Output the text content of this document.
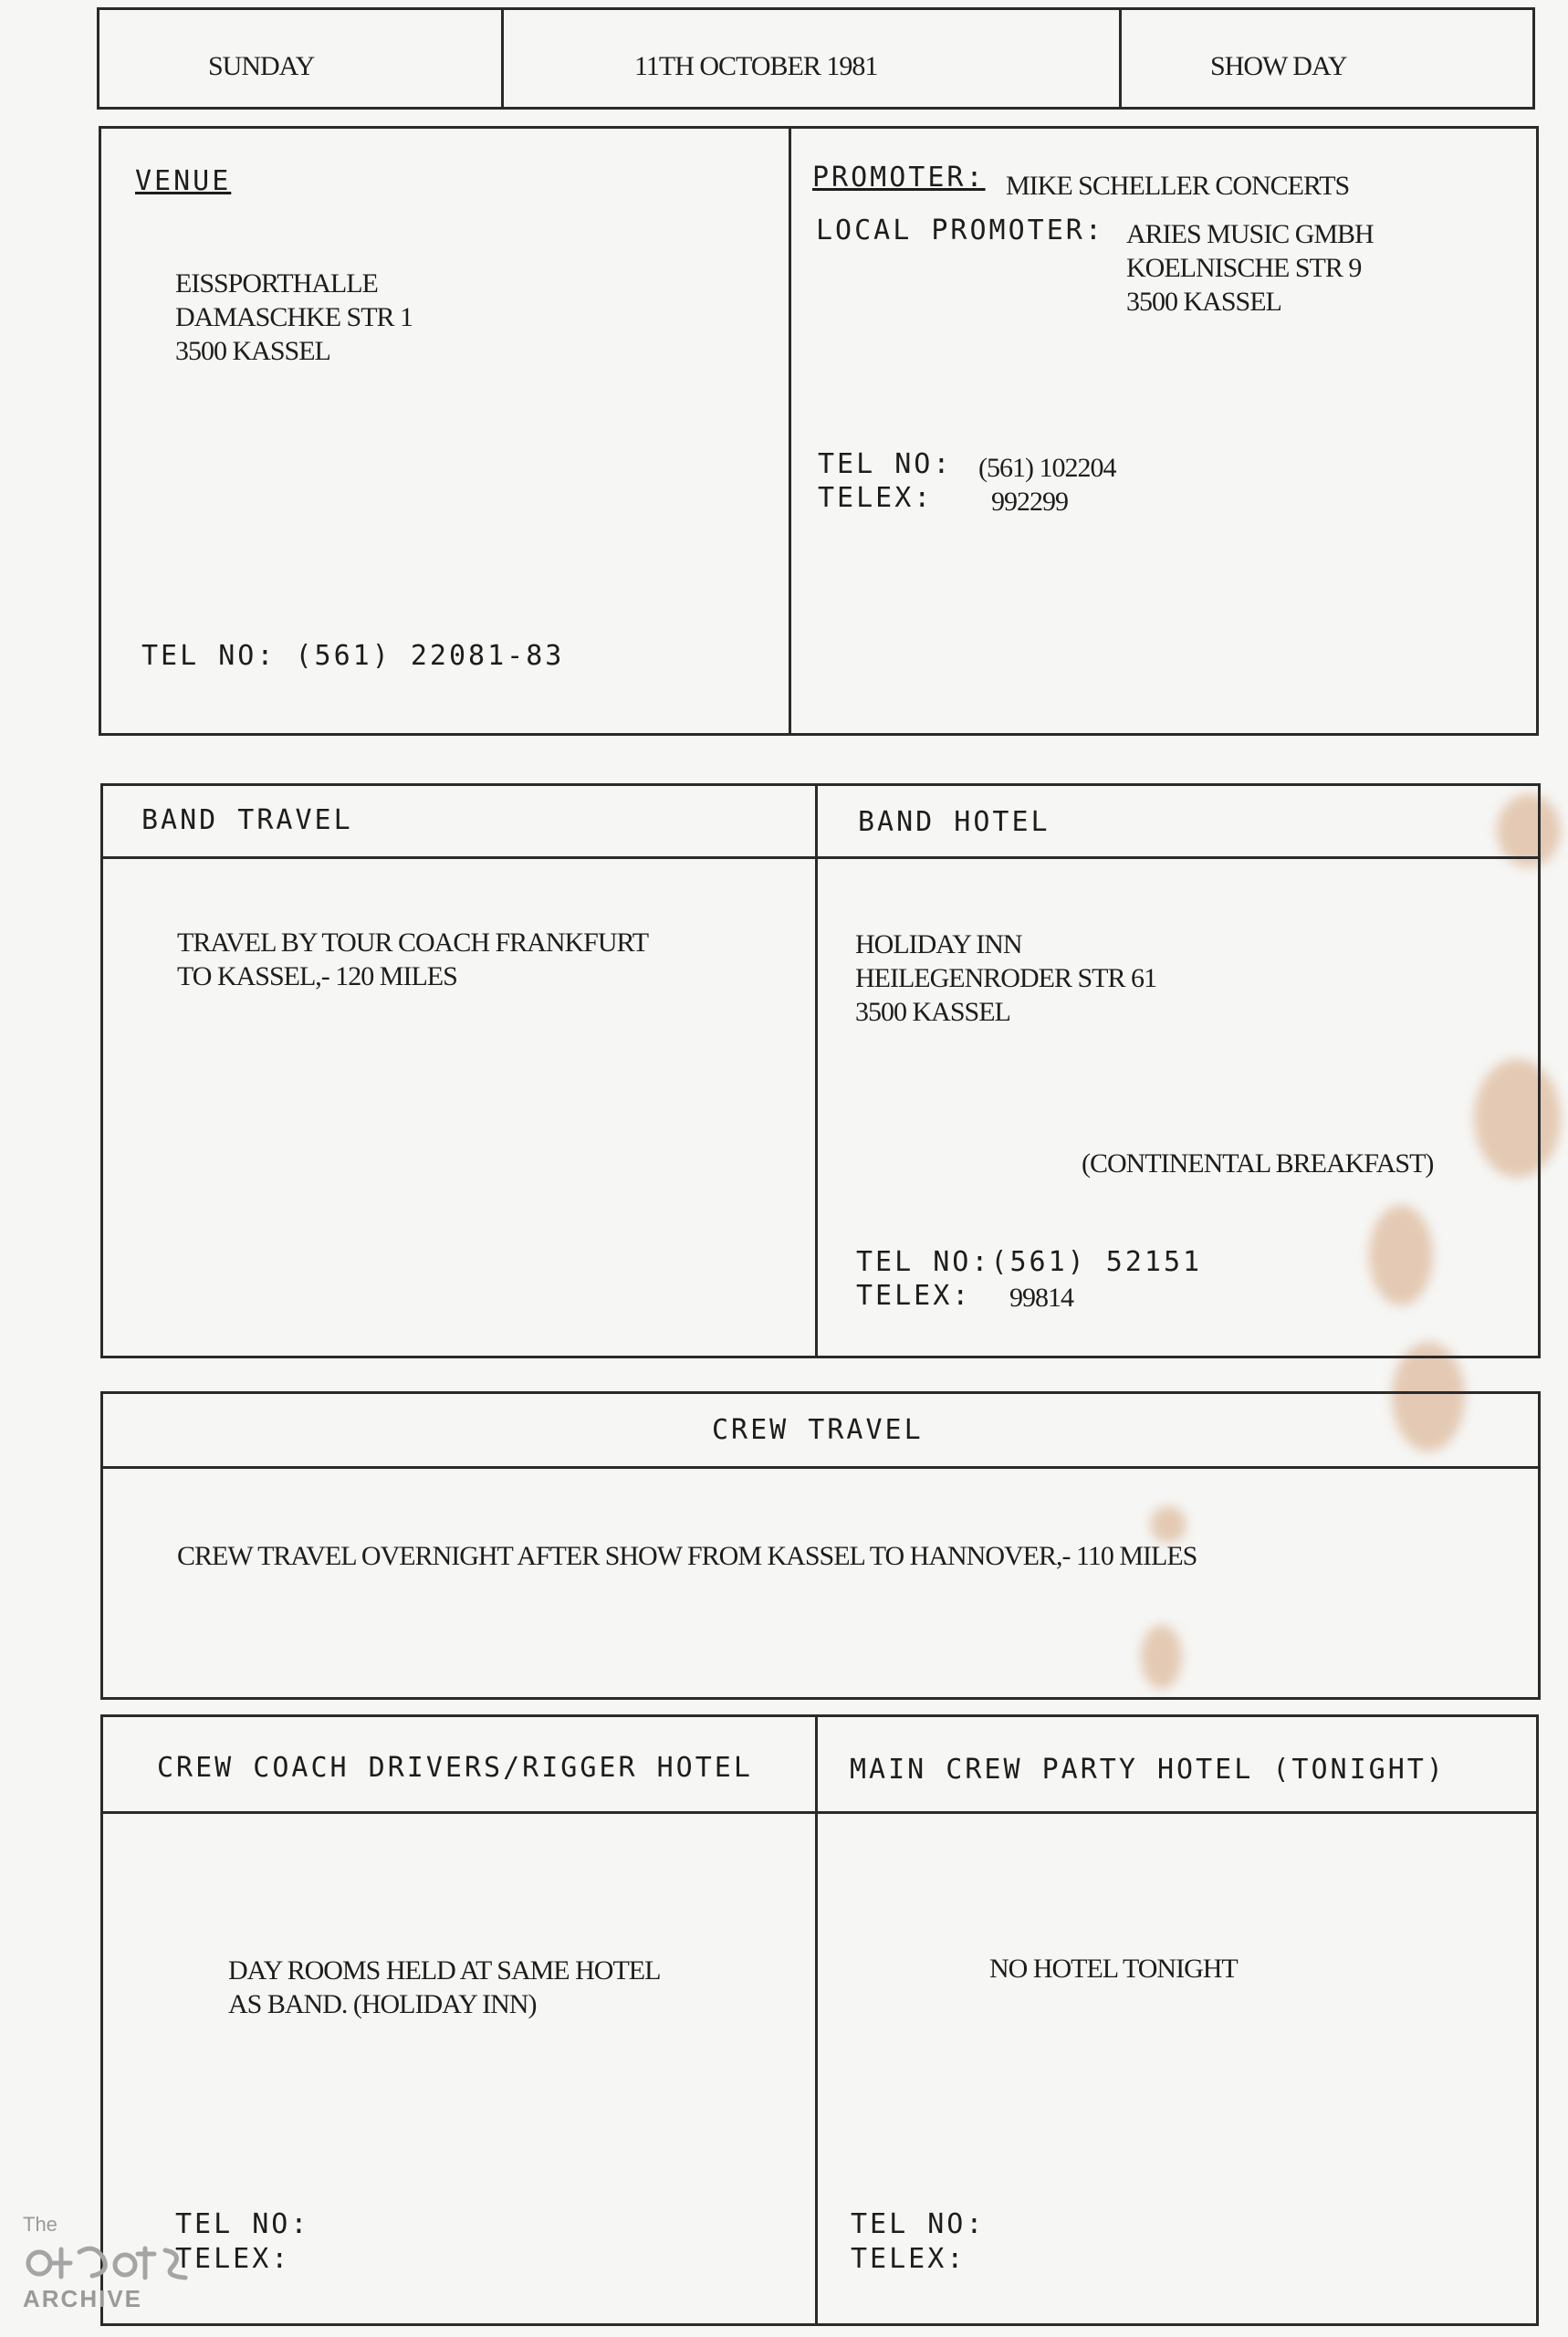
SUNDAY	11TH OCTOBER 1981	SHOW DAY
VENUE
EISSPORTHALLE
DAMASCHKE STR 1
3500 KASSEL
TEL NO: (561) 22081-83
PROMOTER: MIKE SCHELLER CONCERTS
LOCAL PROMOTER: ARIES MUSIC GMBH
KOELNISCHE STR 9
3500 KASSEL
TEL NO: (561) 102204
TELEX: 992299
BAND TRAVEL
TRAVEL BY TOUR COACH FRANKFURT
TO KASSEL,- 120 MILES
BAND HOTEL
HOLIDAY INN
HEILEGENRODER STR 61
3500 KASSEL
(CONTINENTAL BREAKFAST)
TEL NO:(561) 52151
TELEX: 99814
CREW TRAVEL
CREW TRAVEL OVERNIGHT AFTER SHOW FROM KASSEL TO HANNOVER,- 110 MILES
CREW COACH DRIVERS/RIGGER HOTEL
DAY ROOMS HELD AT SAME HOTEL
AS BAND. (HOLIDAY INN)
TEL NO:
TELEX:
MAIN CREW PARTY HOTEL (TONIGHT)
NO HOTEL TONIGHT
TEL NO:
TELEX:
The
ARCHIVE
